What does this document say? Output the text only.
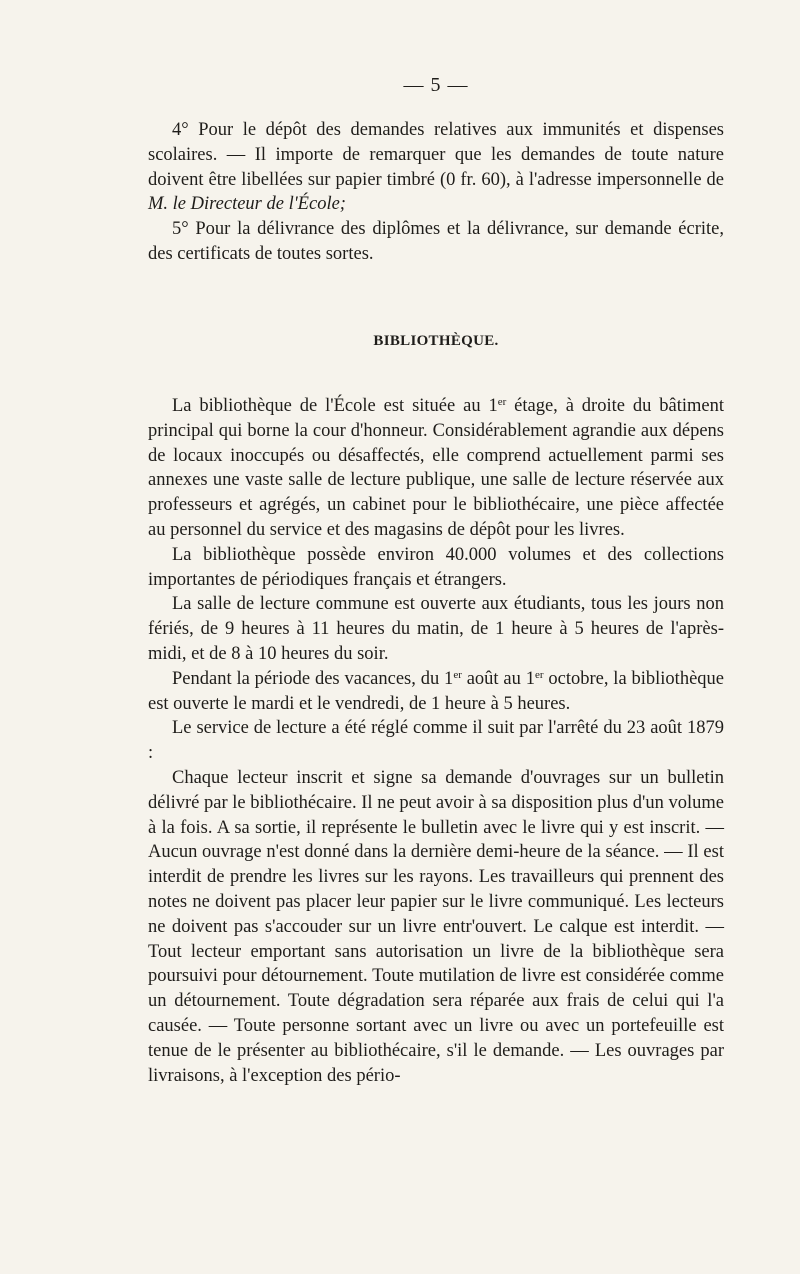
— 5 —

4° Pour le dépôt des demandes relatives aux immunités et dispenses scolaires. — Il importe de remarquer que les demandes de toute nature doivent être libellées sur papier timbré (0 fr. 60), à l'adresse impersonnelle de M. le Directeur de l'École;

5° Pour la délivrance des diplômes et la délivrance, sur demande écrite, des certificats de toutes sortes.

BIBLIOTHÈQUE.

La bibliothèque de l'École est située au 1er étage, à droite du bâtiment principal qui borne la cour d'honneur. Considérablement agrandie aux dépens de locaux inoccupés ou désaffectés, elle comprend actuellement parmi ses annexes une vaste salle de lecture publique, une salle de lecture réservée aux professeurs et agrégés, un cabinet pour le bibliothécaire, une pièce affectée au personnel du service et des magasins de dépôt pour les livres.

La bibliothèque possède environ 40.000 volumes et des collections importantes de périodiques français et étrangers.

La salle de lecture commune est ouverte aux étudiants, tous les jours non fériés, de 9 heures à 11 heures du matin, de 1 heure à 5 heures de l'après-midi, et de 8 à 10 heures du soir.

Pendant la période des vacances, du 1er août au 1er octobre, la bibliothèque est ouverte le mardi et le vendredi, de 1 heure à 5 heures.

Le service de lecture a été réglé comme il suit par l'arrêté du 23 août 1879 :

Chaque lecteur inscrit et signe sa demande d'ouvrages sur un bulletin délivré par le bibliothécaire. Il ne peut avoir à sa disposition plus d'un volume à la fois. A sa sortie, il représente le bulletin avec le livre qui y est inscrit. — Aucun ouvrage n'est donné dans la dernière demi-heure de la séance. — Il est interdit de prendre les livres sur les rayons. Les travailleurs qui prennent des notes ne doivent pas placer leur papier sur le livre communiqué. Les lecteurs ne doivent pas s'accouder sur un livre entr'ouvert. Le calque est interdit. — Tout lecteur emportant sans autorisation un livre de la bibliothèque sera poursuivi pour détournement. Toute mutilation de livre est considérée comme un détournement. Toute dégradation sera réparée aux frais de celui qui l'a causée. — Toute personne sortant avec un livre ou avec un portefeuille est tenue de le présenter au bibliothécaire, s'il le demande. — Les ouvrages par livraisons, à l'exception des pério-
